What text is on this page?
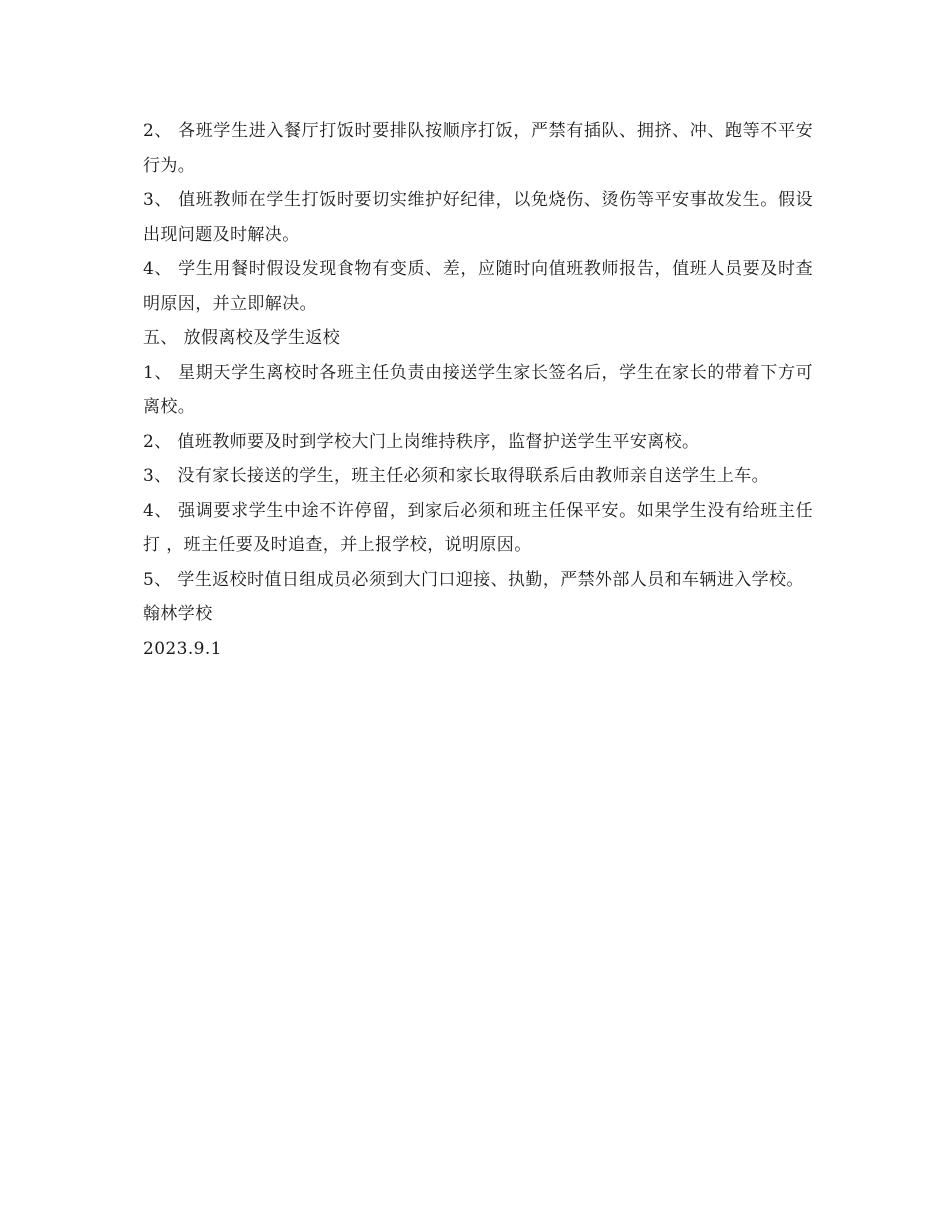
2、 各班学生进入餐厅打饭时要排队按顺序打饭，严禁有插队、拥挤、冲、跑等不平安行为。

3、 值班教师在学生打饭时要切实维护好纪律，以免烧伤、烫伤等平安事故发生。假设出现问题及时解决。

4、 学生用餐时假设发现食物有变质、差，应随时向值班教师报告，值班人员要及时查明原因，并立即解决。

五、 放假离校及学生返校

1、 星期天学生离校时各班主任负责由接送学生家长签名后，学生在家长的带着下方可离校。

2、 值班教师要及时到学校大门上岗维持秩序，监督护送学生平安离校。

3、 没有家长接送的学生，班主任必须和家长取得联系后由教师亲自送学生上车。

4、 强调要求学生中途不许停留，到家后必须和班主任保平安。如果学生没有给班主任打 ，班主任要及时追查，并上报学校，说明原因。

5、 学生返校时值日组成员必须到大门口迎接、执勤，严禁外部人员和车辆进入学校。

翰林学校

2023.9.1
